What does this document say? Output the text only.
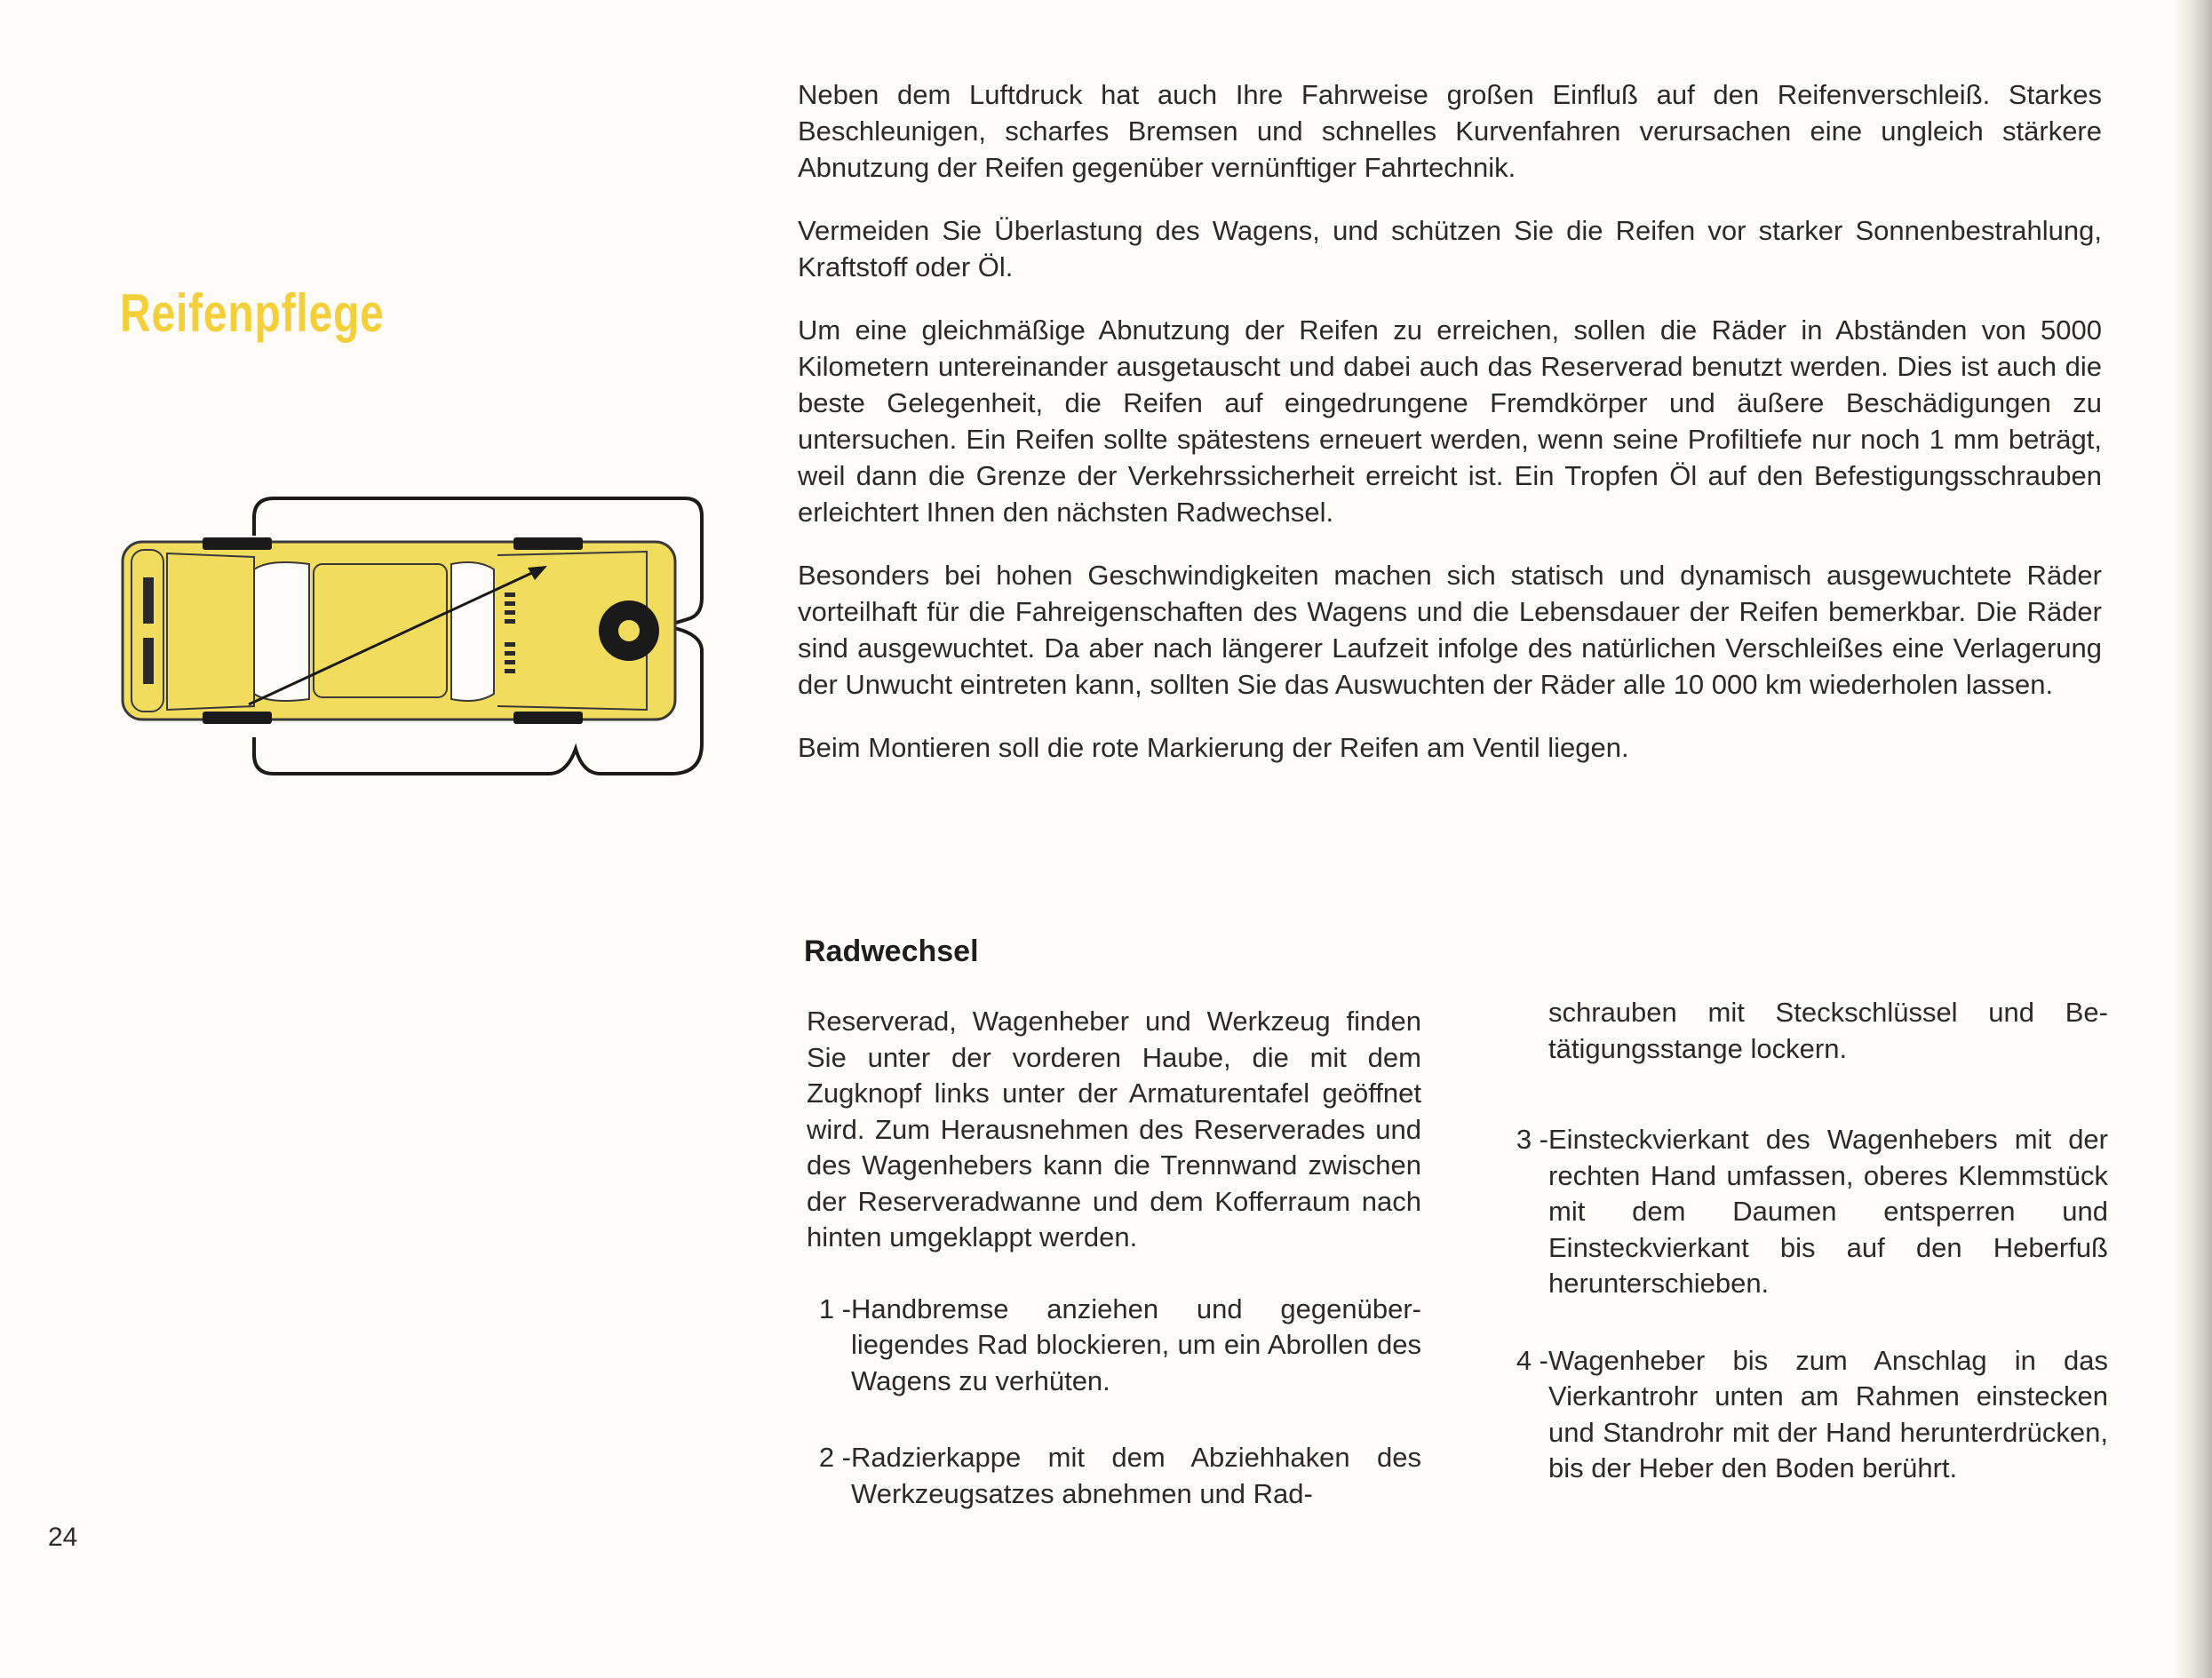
Reifenpflege

Neben dem Luftdruck hat auch Ihre Fahrweise großen Einfluß auf den Reifenverschleiß. Starkes Beschleunigen, scharfes Bremsen und schnelles Kurvenfahren verursachen eine ungleich stärkere Abnutzung der Reifen gegenüber vernünftiger Fahrtechnik.

Vermeiden Sie Überlastung des Wagens, und schützen Sie die Reifen vor starker Sonnenbestrahlung, Kraftstoff oder Öl.

Um eine gleichmäßige Abnutzung der Reifen zu erreichen, sollen die Räder in Abständen von 5000 Kilometern untereinander ausgetauscht und dabei auch das Reserverad benutzt werden. Dies ist auch die beste Gelegenheit, die Reifen auf eingedrungene Fremdkörper und äußere Beschädigungen zu untersuchen. Ein Reifen sollte spätestens erneuert werden, wenn seine Profiltiefe nur noch 1 mm beträgt, weil dann die Grenze der Verkehrssicherheit erreicht ist. Ein Tropfen Öl auf den Befestigungsschrauben erleichtert Ihnen den nächsten Radwechsel.

Besonders bei hohen Geschwindigkeiten machen sich statisch und dynamisch ausgewuchtete Räder vorteilhaft für die Fahreigenschaften des Wagens und die Lebensdauer der Reifen bemerkbar. Die Räder sind ausgewuchtet. Da aber nach längerer Laufzeit infolge des natürlichen Verschleißes eine Verlagerung der Unwucht eintreten kann, sollten Sie das Auswuchten der Räder alle 10 000 km wiederholen lassen.

Beim Montieren soll die rote Markierung der Reifen am Ventil liegen.

Radwechsel

Reserverad, Wagenheber und Werkzeug finden Sie unter der vorderen Haube, die mit dem Zugknopf links unter der Armaturentafel geöffnet wird. Zum Herausnehmen des Reserverades und des Wagenhebers kann die Trennwand zwischen der Reserveradwanne und dem Kofferraum nach hinten umgeklappt werden.

1 - Handbremse anziehen und gegenüberliegendes Rad blockieren, um ein Abrollen des Wagens zu verhüten.
2 - Radzierkappe mit dem Abziehhaken des Werkzeugsatzes abnehmen und Rad-

schrauben mit Steckschlüssel und Betätigungsstange lockern.

3 - Einsteckvierkant des Wagenhebers mit der rechten Hand umfassen, oberes Klemmstück mit dem Daumen entsperren und Einsteckvierkant bis auf den Heberfuß herunterschieben.
4 - Wagenheber bis zum Anschlag in das Vierkantrohr unten am Rahmen einstecken und Standrohr mit der Hand herunterdrücken, bis der Heber den Boden berührt.
24
